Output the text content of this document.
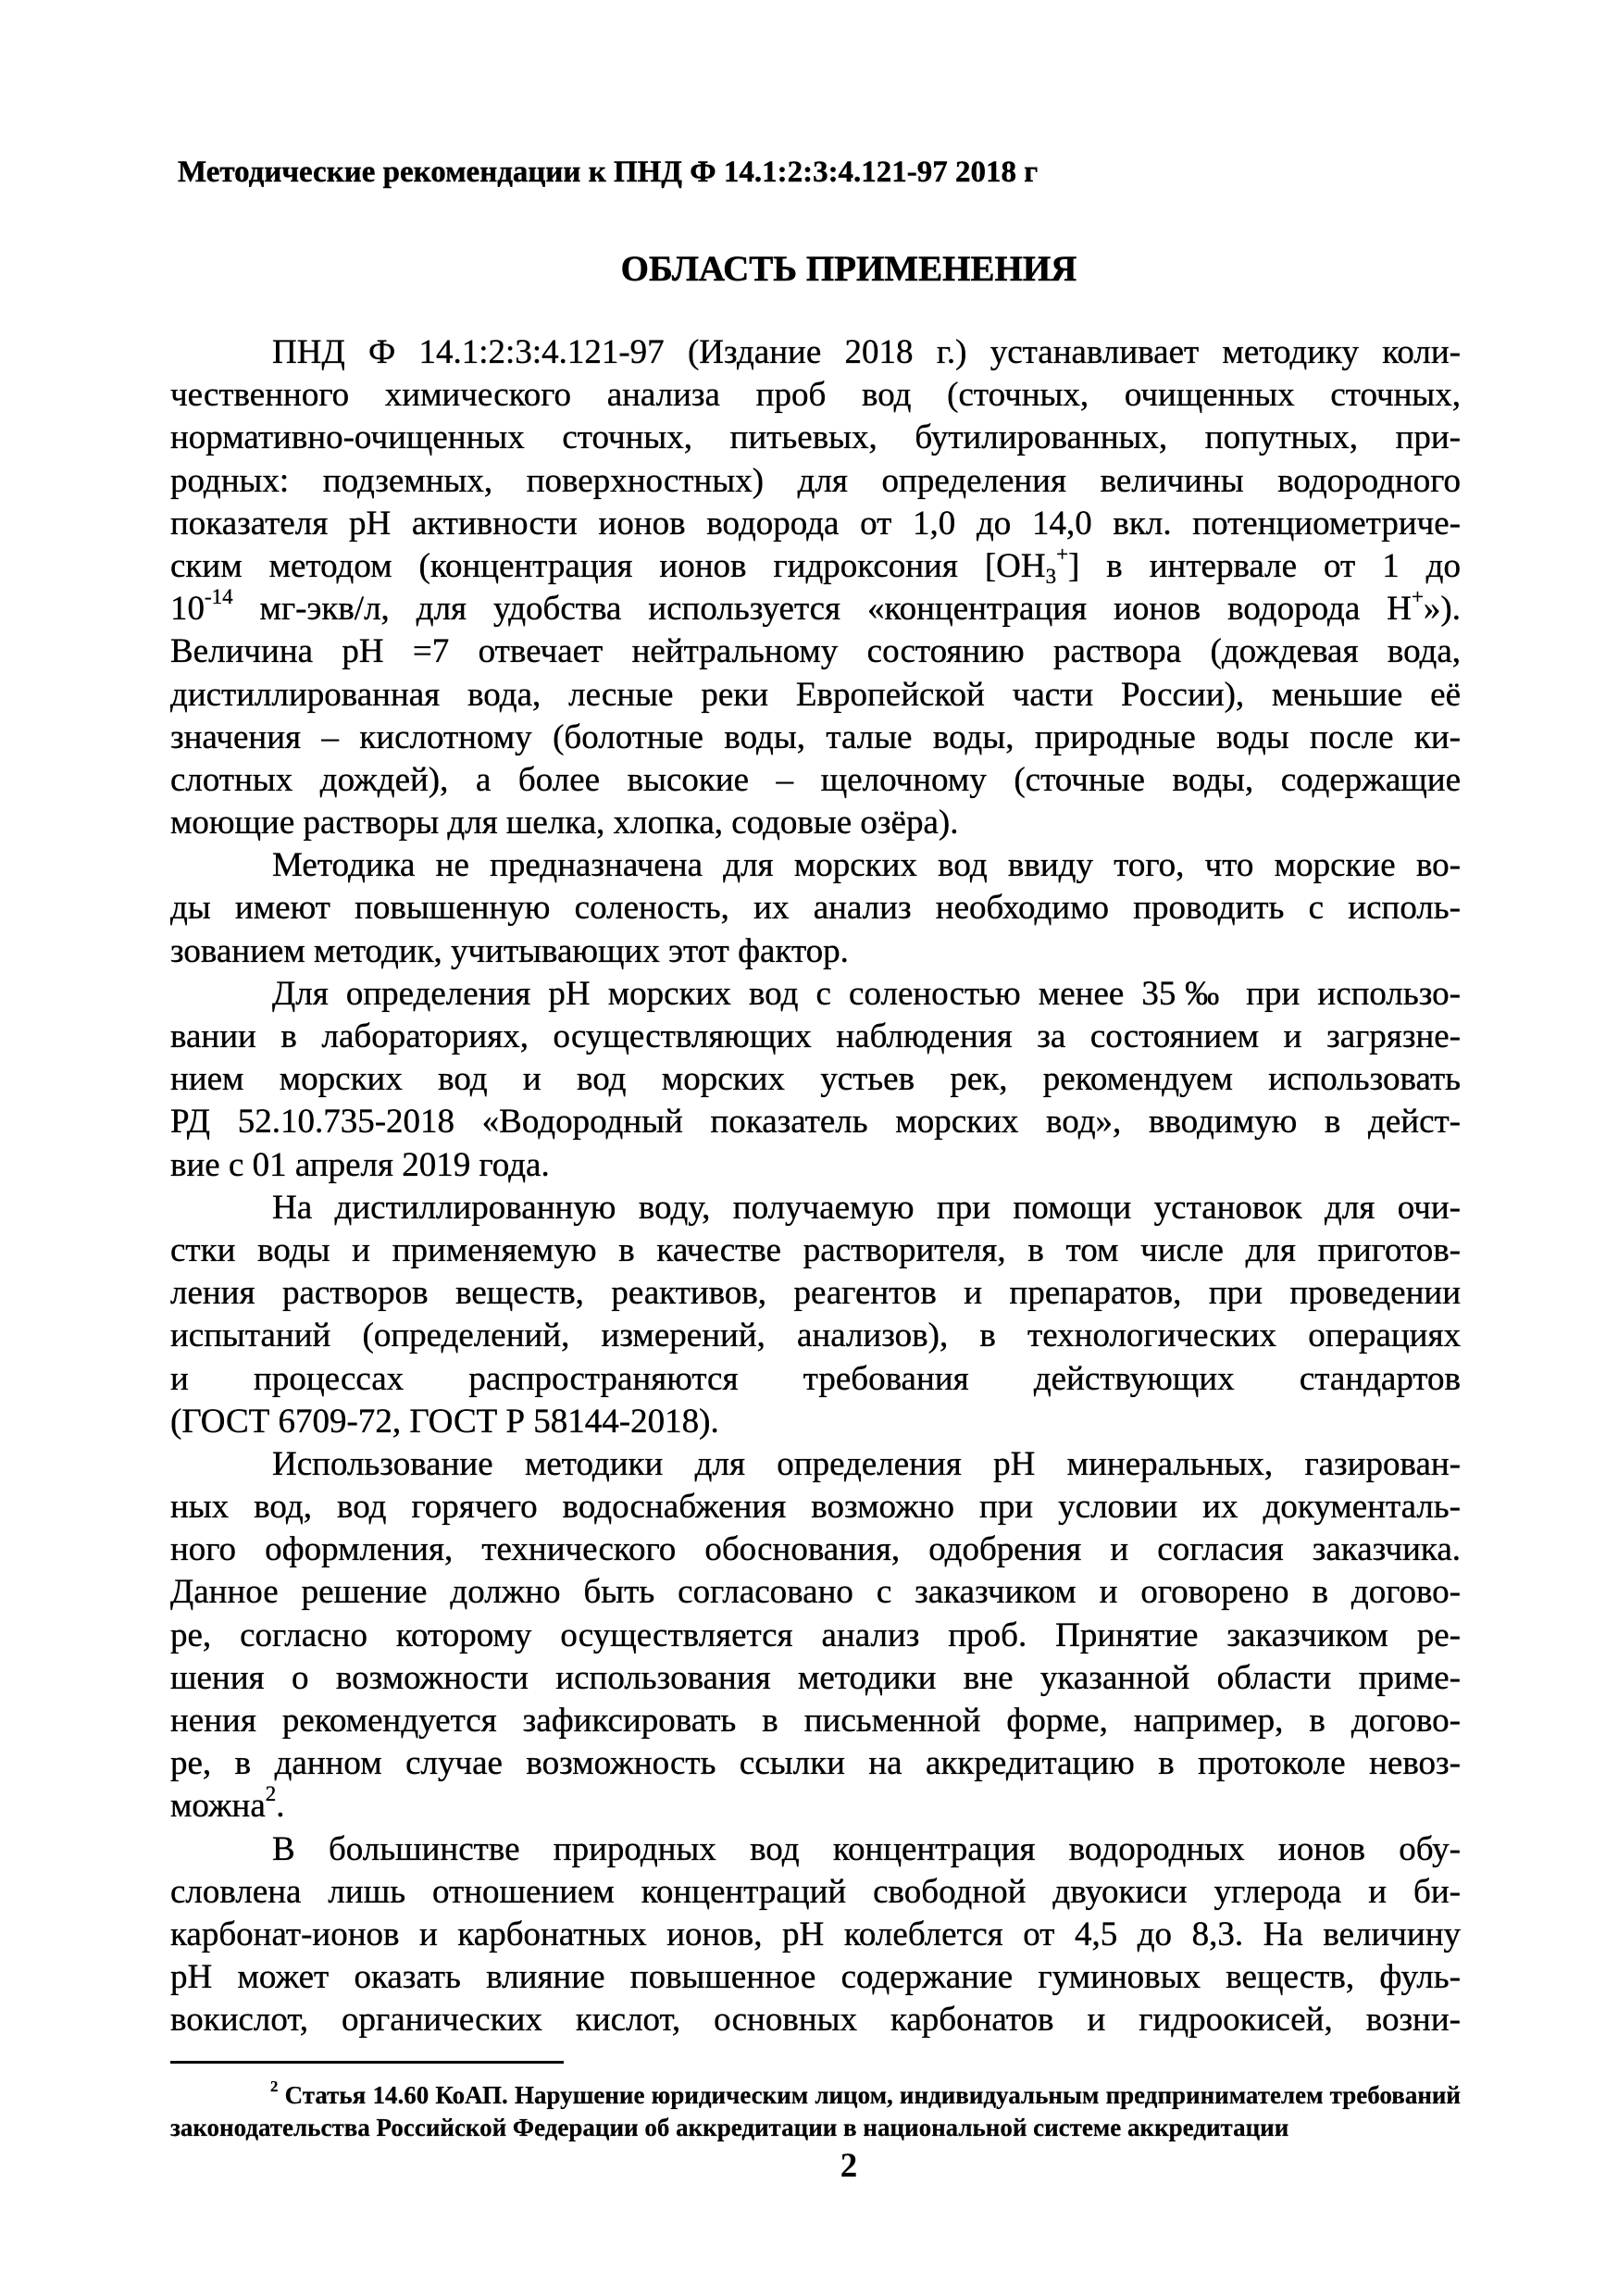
Методические рекомендации к ПНД Ф 14.1:2:3:4.121-97 2018 г
ОБЛАСТЬ ПРИМЕНЕНИЯ
ПНД Ф 14.1:2:3:4.121-97 (Издание 2018 г.) устанавливает методику коли-
чественного химического анализа проб вод (сточных, очищенных сточных,
нормативно-очищенных сточных, питьевых, бутилированных, попутных, при-
родных: подземных, поверхностных) для определения величины водородного
показателя pH активности ионов водорода от 1,0 до 14,0 вкл. потенциометриче-
ским методом (концентрация ионов гидроксония $[OH_3^+]$ в интервале от 1 до
$10^{-14}$ мг-экв/л, для удобства используется «концентрация ионов водорода H+»).
Величина pH =7 отвечает нейтральному состоянию раствора (дождевая вода,
дистиллированная вода, лесные реки Европейской части России), меньшие её
значения – кислотному (болотные воды, талые воды, природные воды после ки-
слотных дождей), а более высокие – щелочному (сточные воды, содержащие
моющие растворы для шелка, хлопка, содовые озёра).
Методика не предназначена для морских вод ввиду того, что морские во-
ды имеют повышенную соленость, их анализ необходимо проводить с исполь-
зованием методик, учитывающих этот фактор.
Для определения pH морских вод с соленостью менее 35‰ при использо-
вании в лабораториях, осуществляющих наблюдения за состоянием и загрязне-
нием морских вод и вод морских устьев рек, рекомендуем использовать
РД 52.10.735-2018 «Водородный показатель морских вод», вводимую в дейст-
вие с 01 апреля 2019 года.
На дистиллированную воду, получаемую при помощи установок для очи-
стки воды и применяемую в качестве растворителя, в том числе для приготов-
ления растворов веществ, реактивов, реагентов и препаратов, при проведении
испытаний (определений, измерений, анализов), в технологических операциях
и процессах распространяются требования действующих стандартов
(ГОСТ 6709-72, ГОСТ Р 58144-2018).
Использование методики для определения pH минеральных, газирован-
ных вод, вод горячего водоснабжения возможно при условии их документаль-
ного оформления, технического обоснования, одобрения и согласия заказчика.
Данное решение должно быть согласовано с заказчиком и оговорено в догово-
ре, согласно которому осуществляется анализ проб. Принятие заказчиком ре-
шения о возможности использования методики вне указанной области приме-
нения рекомендуется зафиксировать в письменной форме, например, в догово-
ре, в данном случае возможность ссылки на аккредитацию в протоколе невоз-
можна$^2$.
В большинстве природных вод концентрация водородных ионов обу-
словлена лишь отношением концентраций свободной двуокиси углерода и би-
карбонат-ионов и карбонатных ионов, pH колеблется от 4,5 до 8,3. На величину
pH может оказать влияние повышенное содержание гуминовых веществ, фуль-
вокислот, органических кислот, основных карбонатов и гидроокисей, возни-
$^2$ Статья 14.60 КоАП. Нарушение юридическим лицом, индивидуальным предпринимателем требований
законодательства Российской Федерации об аккредитации в национальной системе аккредитации
2
